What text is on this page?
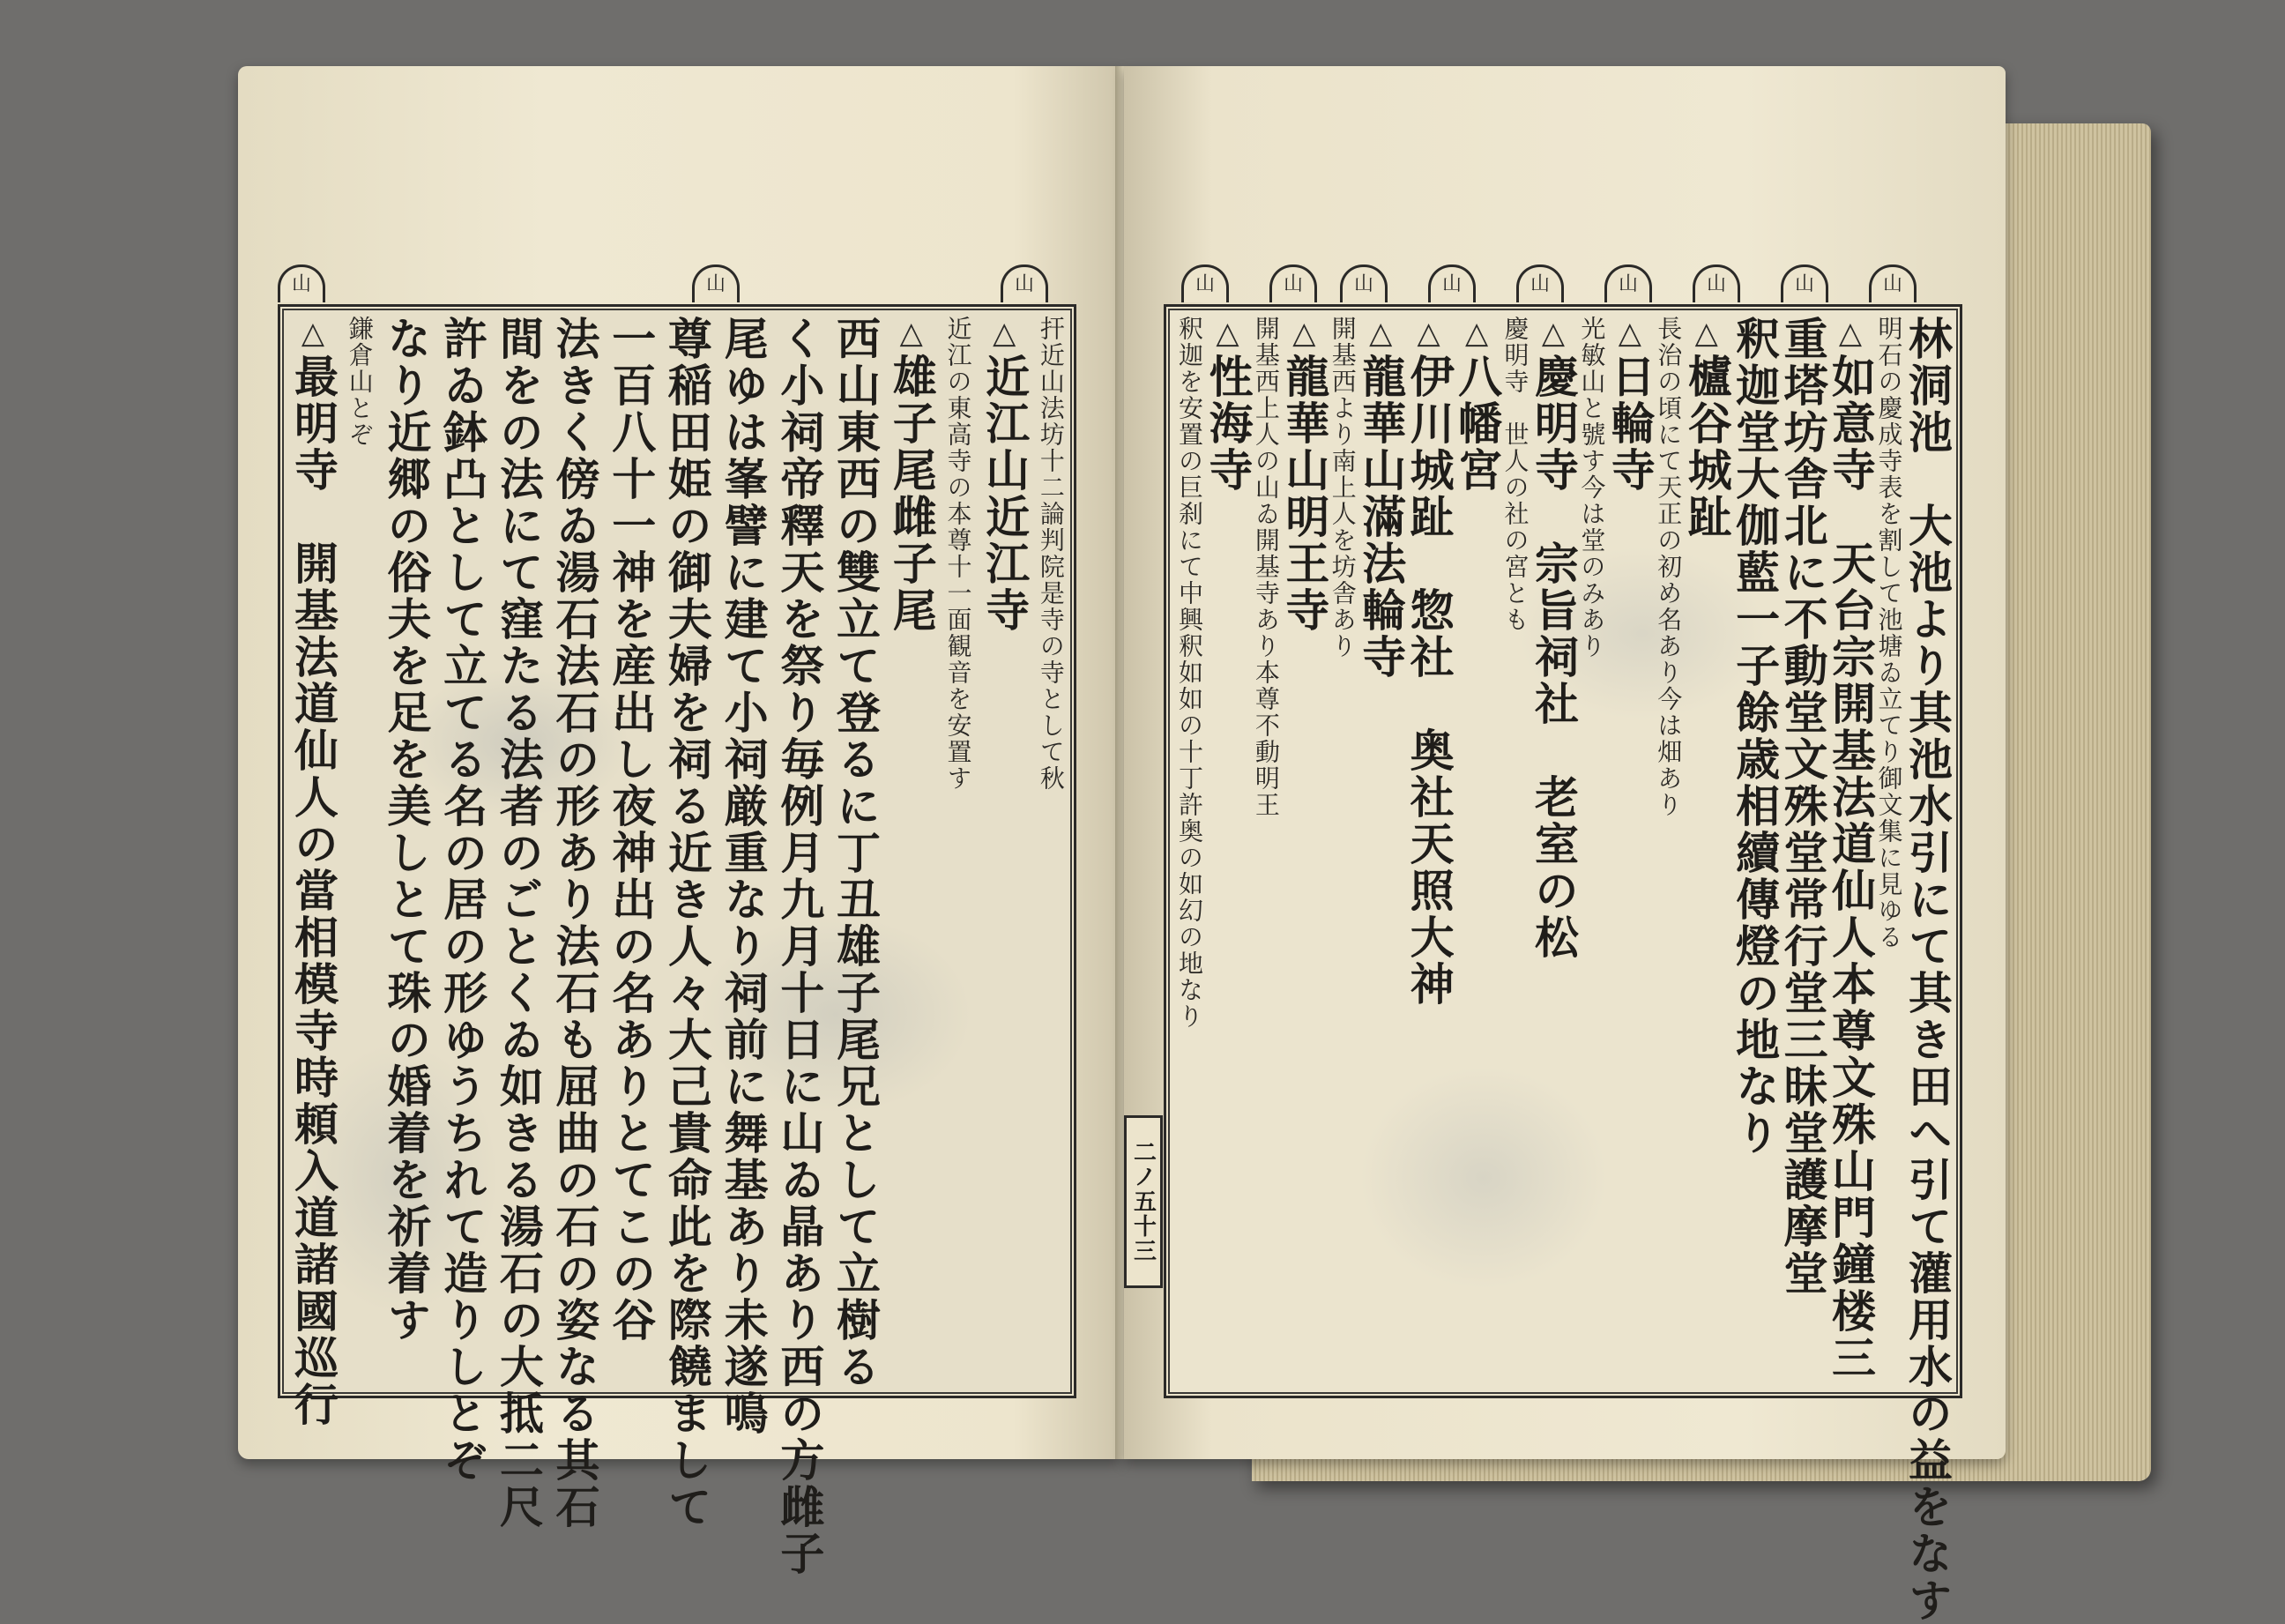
山	山	山
扞近山法坊十二論判院是寺の寺として秋
△近江山近江寺
近江の東高寺の本尊十一面観音を安置す
△雄子尾雌子尾
西山東西の雙立て登るに丁丑雄子尾兄として立樹る
く小祠帝釋天を祭り毎例月九月十日に山ゐ晶あり西の方雌子
尾ゆは峯譬に建て小祠厳重なり祠前に舞基あり未遂鳴
尊稲田姫の御夫婦を祠る近き人々大己貴命此を際饒まして
一百八十一神を産出し夜神出の名ありとてこの谷
法きく傍ゐ湯石法石の形あり法石も屈曲の石の姿なる其石
間をの法にて窪たる法者のごとくゐ如きる湯石の大抵二尺
許ゐ鉢凸として立てる名の居の形ゆうちれて造りしとぞ
なり近郷の俗夫を足を美しとて珠の婚着を祈着す
鎌倉山とぞ
△最明寺　開基法道仙人の當相模寺時頼入道諸國巡行
山	山	山	山	山	山	山	山	山
二ノ五十三	林洞池　大池より其池水引にて其き田へ引て灌用水の益をなす
明石の慶成寺表を割して池塘ゐ立てり御文集に見ゆる
△如意寺　天台宗開基法道仙人本尊文殊山門鐘楼三
重塔坊舎北に不動堂文殊堂常行堂三昧堂護摩堂
釈迦堂大伽藍一子餘歳相續傳燈の地なり
△櫨谷城趾
長治の頃にて天正の初め名あり今は畑あり
△日輪寺
光敏山と號す今は堂のみあり
△慶明寺　宗旨祠社　老室の松
慶明寺　世人の社の宮とも
△八幡宮
△伊川城趾　惣社　奥社天照大神
△龍華山滿法輪寺
開基西より南上人を坊舎あり
△龍華山明王寺
開基西上人の山ゐ開基寺あり本尊不動明王
△性海寺
釈迦を安置の巨刹にて中興釈如如の十丁許奥の如幻の地なり
